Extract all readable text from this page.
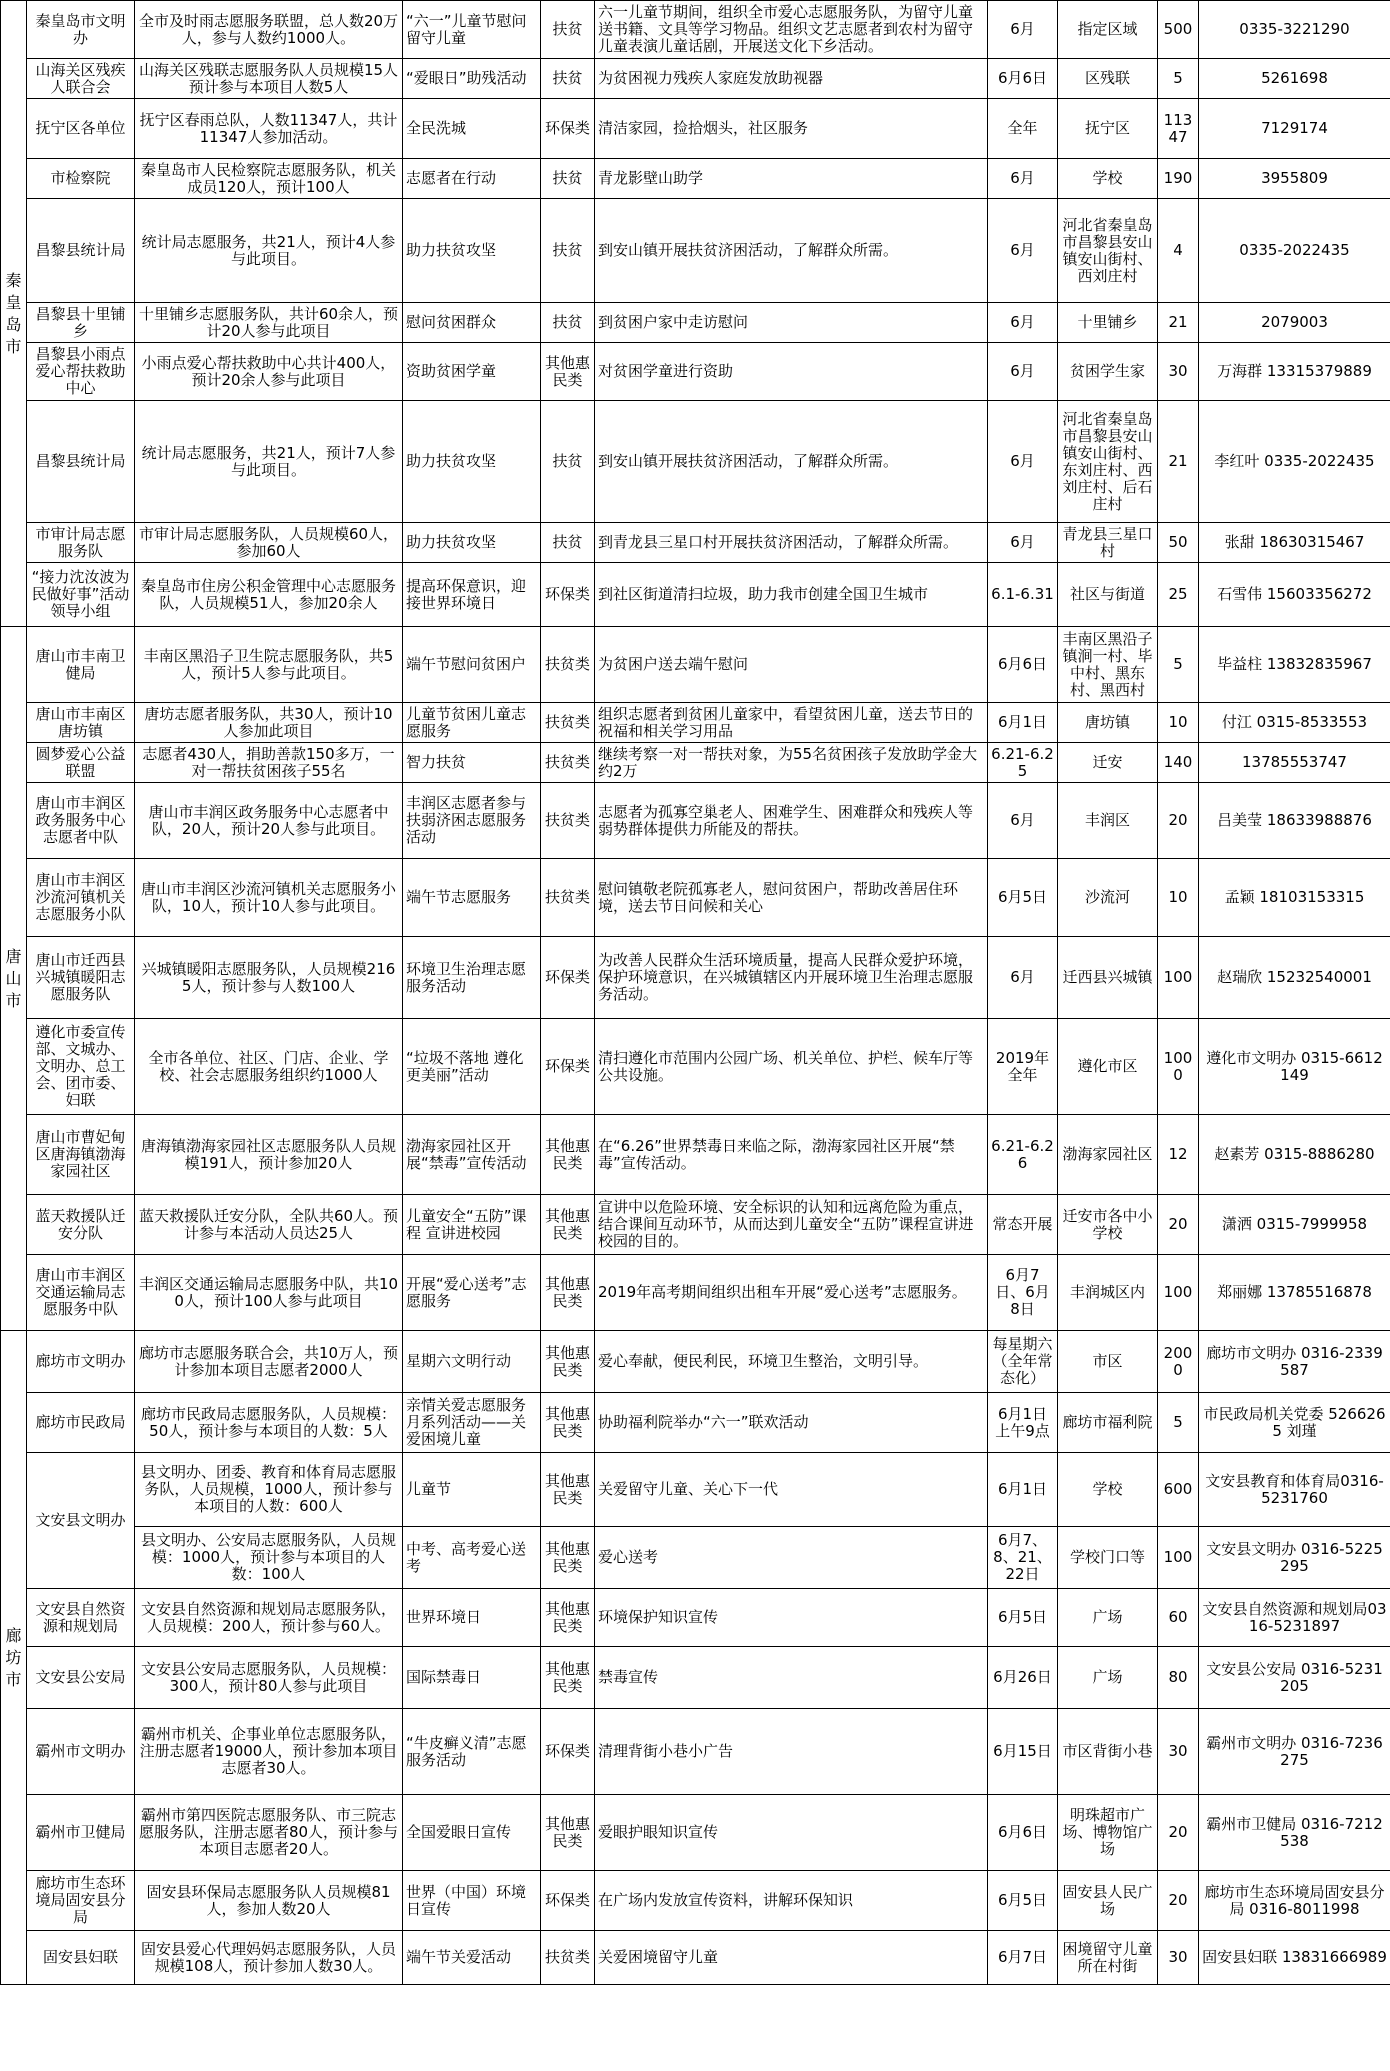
秦皇岛市	秦皇岛市文明办	全市及时雨志愿服务联盟，总人数20万人，参与人数约1000人。	“六一”儿童节慰问留守儿童	扶贫	六一儿童节期间，组织全市爱心志愿服务队，为留守儿童送书籍、文具等学习物品。组织文艺志愿者到农村为留守儿童表演儿童话剧，开展送文化下乡活动。	6月	指定区域	500	0335-3221290
	山海关区残疾人联合会	山海关区残联志愿服务队人员规模15人 预计参与本项目人数5人	“爱眼日”助残活动	扶贫	为贫困视力残疾人家庭发放助视器	6月6日	区残联	5	5261698
	抚宁区各单位	抚宁区春雨总队，人数11347人，共计11347人参加活动。	全民洗城	环保类	清洁家园，捡拾烟头，社区服务	全年	抚宁区	11347	7129174
	市检察院	秦皇岛市人民检察院志愿服务队，机关成员120人，预计100人	志愿者在行动	扶贫	青龙影壁山助学	6月	学校	190	3955809
	昌黎县统计局	统计局志愿服务，共21人，预计4人参与此项目。	助力扶贫攻坚	扶贫	到安山镇开展扶贫济困活动，了解群众所需。	6月	河北省秦皇岛市昌黎县安山镇安山街村、西刘庄村	4	0335-2022435
	昌黎县十里铺乡	十里铺乡志愿服务队，共计60余人，预计20人参与此项目	慰问贫困群众	扶贫	到贫困户家中走访慰问	6月	十里铺乡	21	2079003
	昌黎县小雨点爱心帮扶救助中心	小雨点爱心帮扶救助中心共计400人，预计20余人参与此项目	资助贫困学童	其他惠民类	对贫困学童进行资助	6月	贫困学生家	30	万海群 13315379889
	昌黎县统计局	统计局志愿服务，共21人，预计7人参与此项目。	助力扶贫攻坚	扶贫	到安山镇开展扶贫济困活动，了解群众所需。	6月	河北省秦皇岛市昌黎县安山镇安山街村、东刘庄村、西刘庄村、后石庄村	21	李红叶 0335-2022435
	市审计局志愿服务队	市审计局志愿服务队，人员规模60人，参加60人	助力扶贫攻坚	扶贫	到青龙县三星口村开展扶贫济困活动，了解群众所需。	6月	青龙县三星口村	50	张甜 18630315467
	“接力沈汝波为民做好事”活动领导小组	秦皇岛市住房公积金管理中心志愿服务队，人员规模51人，参加20余人	提高环保意识，迎接世界环境日	环保类	到社区街道清扫垃圾，助力我市创建全国卫生城市	6.1-6.31	社区与街道	25	石雪伟 15603356272
唐山市	唐山市丰南卫健局	丰南区黑沿子卫生院志愿服务队，共5人，预计5人参与此项目。	端午节慰问贫困户	扶贫类	为贫困户送去端午慰问	6月6日	丰南区黑沿子镇涧一村、毕中村、黑东村、黑西村	5	毕益柱 13832835967
	唐山市丰南区唐坊镇	唐坊志愿者服务队，共30人，预计10人参加此项目	儿童节贫困儿童志愿服务	扶贫类	组织志愿者到贫困儿童家中，看望贫困儿童，送去节日的祝福和相关学习用品	6月1日	唐坊镇	10	付江 0315-8533553
	圆梦爱心公益联盟	志愿者430人，捐助善款150多万，一对一帮扶贫困孩子55名	智力扶贫	扶贫类	继续考察一对一帮扶对象，为55名贫困孩子发放助学金大约2万	6.21-6.25	迁安	140	13785553747
	唐山市丰润区政务服务中心志愿者中队	唐山市丰润区政务服务中心志愿者中队，20人，预计20人参与此项目。	丰润区志愿者参与扶弱济困志愿服务活动	扶贫类	志愿者为孤寡空巢老人、困难学生、困难群众和残疾人等弱势群体提供力所能及的帮扶。	6月	丰润区	20	吕美莹 18633988876
	唐山市丰润区沙流河镇机关志愿服务小队	唐山市丰润区沙流河镇机关志愿服务小队，10人，预计10人参与此项目。	端午节志愿服务	扶贫类	慰问镇敬老院孤寡老人，慰问贫困户，帮助改善居住环境，送去节日问候和关心	6月5日	沙流河	10	孟颖 18103153315
	唐山市迁西县兴城镇暖阳志愿服务队	兴城镇暖阳志愿服务队，人员规模2165人，预计参与人数100人	环境卫生治理志愿服务活动	环保类	为改善人民群众生活环境质量，提高人民群众爱护环境，保护环境意识，在兴城镇辖区内开展环境卫生治理志愿服务活动。	6月	迁西县兴城镇	100	赵瑞欣 15232540001
	遵化市委宣传部、文城办、文明办、总工会、团市委、妇联	全市各单位、社区、门店、企业、学校、社会志愿服务组织约1000人	“垃圾不落地 遵化更美丽”活动	环保类	清扫遵化市范围内公园广场、机关单位、护栏、候车厅等公共设施。	2019年全年	遵化市区	1000	遵化市文明办 0315-6612149
	唐山市曹妃甸区唐海镇渤海家园社区	唐海镇渤海家园社区志愿服务队人员规模191人，预计参加20人	渤海家园社区开展“禁毒”宣传活动	其他惠民类	在“6.26”世界禁毒日来临之际，渤海家园社区开展“禁毒”宣传活动。	6.21-6.26	渤海家园社区	12	赵素芳 0315-8886280
	蓝天救援队迁安分队	蓝天救援队迁安分队，全队共60人。预计参与本活动人员达25人	儿童安全“五防”课程 宣讲进校园	其他惠民类	宣讲中以危险环境、安全标识的认知和远离危险为重点，结合课间互动环节，从而达到儿童安全“五防”课程宣讲进校园的目的。	常态开展	迁安市各中小学校	20	潇洒 0315-7999958
	唐山市丰润区交通运输局志愿服务中队	丰润区交通运输局志愿服务中队，共100人，预计100人参与此项目	开展“爱心送考”志愿服务	其他惠民类	2019年高考期间组织出租车开展“爱心送考”志愿服务。	6月7日、6月8日	丰润城区内	100	郑丽娜 13785516878
廊坊市	廊坊市文明办	廊坊市志愿服务联合会，共10万人，预计参加本项目志愿者2000人	星期六文明行动	其他惠民类	爱心奉献，便民利民，环境卫生整治，文明引导。	每星期六（全年常态化）	市区	2000	廊坊市文明办 0316-2339587
	廊坊市民政局	廊坊市民政局志愿服务队，人员规模：50人，预计参与本项目的人数：5人	亲情关爱志愿服务月系列活动——关爱困境儿童	其他惠民类	协助福利院举办“六一”联欢活动	6月1日上午9点	廊坊市福利院	5	市民政局机关党委 5266265 刘瑾
	文安县文明办	县文明办、团委、教育和体育局志愿服务队，人员规模，1000人，预计参与本项目的人数：600人	儿童节	其他惠民类	关爱留守儿童、关心下一代	6月1日	学校	600	文安县教育和体育局0316-5231760
		县文明办、公安局志愿服务队，人员规模：1000人，预计参与本项目的人数：100人	中考、高考爱心送考	其他惠民类	爱心送考	6月7、8、21、22日	学校门口等	100	文安县文明办 0316-5225295
	文安县自然资源和规划局	文安县自然资源和规划局志愿服务队，人员规模：200人，预计参与60人。	世界环境日	其他惠民类	环境保护知识宣传	6月5日	广场	60	文安县自然资源和规划局0316-5231897
	文安县公安局	文安县公安局志愿服务队，人员规模：300人，预计80人参与此项目	国际禁毒日	其他惠民类	禁毒宣传	6月26日	广场	80	文安县公安局 0316-5231205
	霸州市文明办	霸州市机关、企事业单位志愿服务队，注册志愿者19000人，预计参加本项目志愿者30人。	“牛皮癣义清”志愿服务活动	环保类	清理背街小巷小广告	6月15日	市区背街小巷	30	霸州市文明办 0316-7236275
	霸州市卫健局	霸州市第四医院志愿服务队、市三院志愿服务队，注册志愿者80人，预计参与本项目志愿者20人。	全国爱眼日宣传	其他惠民类	爱眼护眼知识宣传	6月6日	明珠超市广场、博物馆广场	20	霸州市卫健局 0316-7212538
	廊坊市生态环境局固安县分局	固安县环保局志愿服务队人员规模81人，参加人数20人	世界（中国）环境日宣传	环保类	在广场内发放宣传资料，讲解环保知识	6月5日	固安县人民广场	20	廊坊市生态环境局固安县分局 0316-8011998
	固安县妇联	固安县爱心代理妈妈志愿服务队，人员规模108人，预计参加人数30人。	端午节关爱活动	扶贫类	关爱困境留守儿童	6月7日	困境留守儿童所在村街	30	固安县妇联 13831666989
